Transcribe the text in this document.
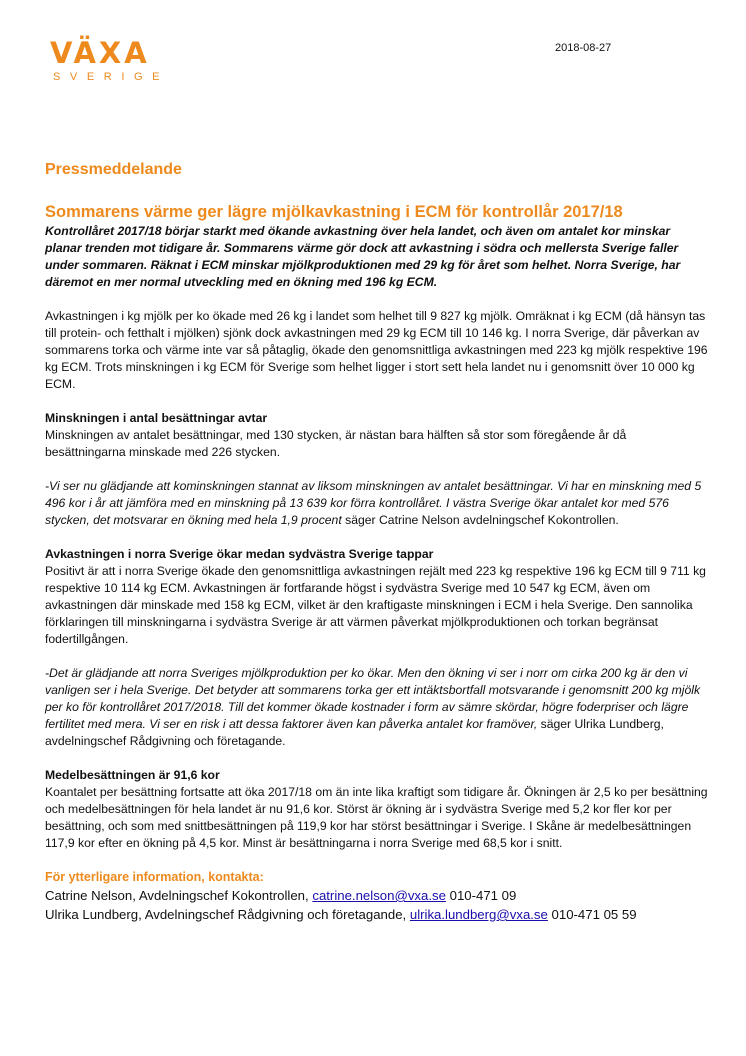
VÄXA
SVERIGE
2018-08-27
Pressmeddelande
Sommarens värme ger lägre mjölkavkastning i ECM för kontrollår 2017/18

Kontrollåret 2017/18 börjar starkt med ökande avkastning över hela landet, och även om antalet kor minskar planar trenden mot tidigare år. Sommarens värme gör dock att avkastning i södra och mellersta Sverige faller under sommaren. Räknat i ECM minskar mjölkproduktionen med 29 kg för året som helhet. Norra Sverige, har däremot en mer normal utveckling med en ökning med 196 kg ECM.

Avkastningen i kg mjölk per ko ökade med 26 kg i landet som helhet till 9 827 kg mjölk. Omräknat i kg ECM (då hänsyn tas till protein- och fetthalt i mjölken) sjönk dock avkastningen med 29 kg ECM till 10 146 kg. I norra Sverige, där påverkan av sommarens torka och värme inte var så påtaglig, ökade den genomsnittliga avkastningen med 223 kg mjölk respektive 196 kg ECM. Trots minskningen i kg ECM för Sverige som helhet ligger i stort sett hela landet nu i genomsnitt över 10 000 kg ECM.

Minskningen i antal besättningar avtar

Minskningen av antalet besättningar, med 130 stycken, är nästan bara hälften så stor som föregående år då besättningarna minskade med 226 stycken.

-Vi ser nu glädjande att kominskningen stannat av liksom minskningen av antalet besättningar. Vi har en minskning med 5 496 kor i år att jämföra med en minskning på 13 639 kor förra kontrollåret. I västra Sverige ökar antalet kor med 576 stycken, det motsvarar en ökning med hela 1,9 procent säger Catrine Nelson avdelningschef Kokontrollen.

Avkastningen i norra Sverige ökar medan sydvästra Sverige tappar

Positivt är att i norra Sverige ökade den genomsnittliga avkastningen rejält med 223 kg respektive 196 kg ECM till 9 711 kg respektive 10 114 kg ECM. Avkastningen är fortfarande högst i sydvästra Sverige med 10 547 kg ECM, även om avkastningen där minskade med 158 kg ECM, vilket är den kraftigaste minskningen i ECM i hela Sverige. Den sannolika förklaringen till minskningarna i sydvästra Sverige är att värmen påverkat mjölkproduktionen och torkan begränsat fodertillgången.

-Det är glädjande att norra Sveriges mjölkproduktion per ko ökar. Men den ökning vi ser i norr om cirka 200 kg är den vi vanligen ser i hela Sverige. Det betyder att sommarens torka ger ett intäktsbortfall motsvarande i genomsnitt 200 kg mjölk per ko för kontrollåret 2017/2018. Till det kommer ökade kostnader i form av sämre skördar, högre foderpriser och lägre fertilitet med mera. Vi ser en risk i att dessa faktorer även kan påverka antalet kor framöver, säger Ulrika Lundberg, avdelningschef Rådgivning och företagande.

Medelbesättningen är 91,6 kor

Koantalet per besättning fortsatte att öka 2017/18 om än inte lika kraftigt som tidigare år. Ökningen är 2,5 ko per besättning och medelbesättningen för hela landet är nu 91,6 kor. Störst är ökning är i sydvästra Sverige med 5,2 kor fler kor per besättning, och som med snittbesättningen på 119,9 kor har störst besättningar i Sverige. I Skåne är medelbesättningen 117,9 kor efter en ökning på 4,5 kor. Minst är besättningarna i norra Sverige med 68,5 kor i snitt.

För ytterligare information, kontakta:

Catrine Nelson, Avdelningschef Kokontrollen, catrine.nelson@vxa.se 010-471 09

Ulrika Lundberg, Avdelningschef Rådgivning och företagande, ulrika.lundberg@vxa.se 010-471 05 59
